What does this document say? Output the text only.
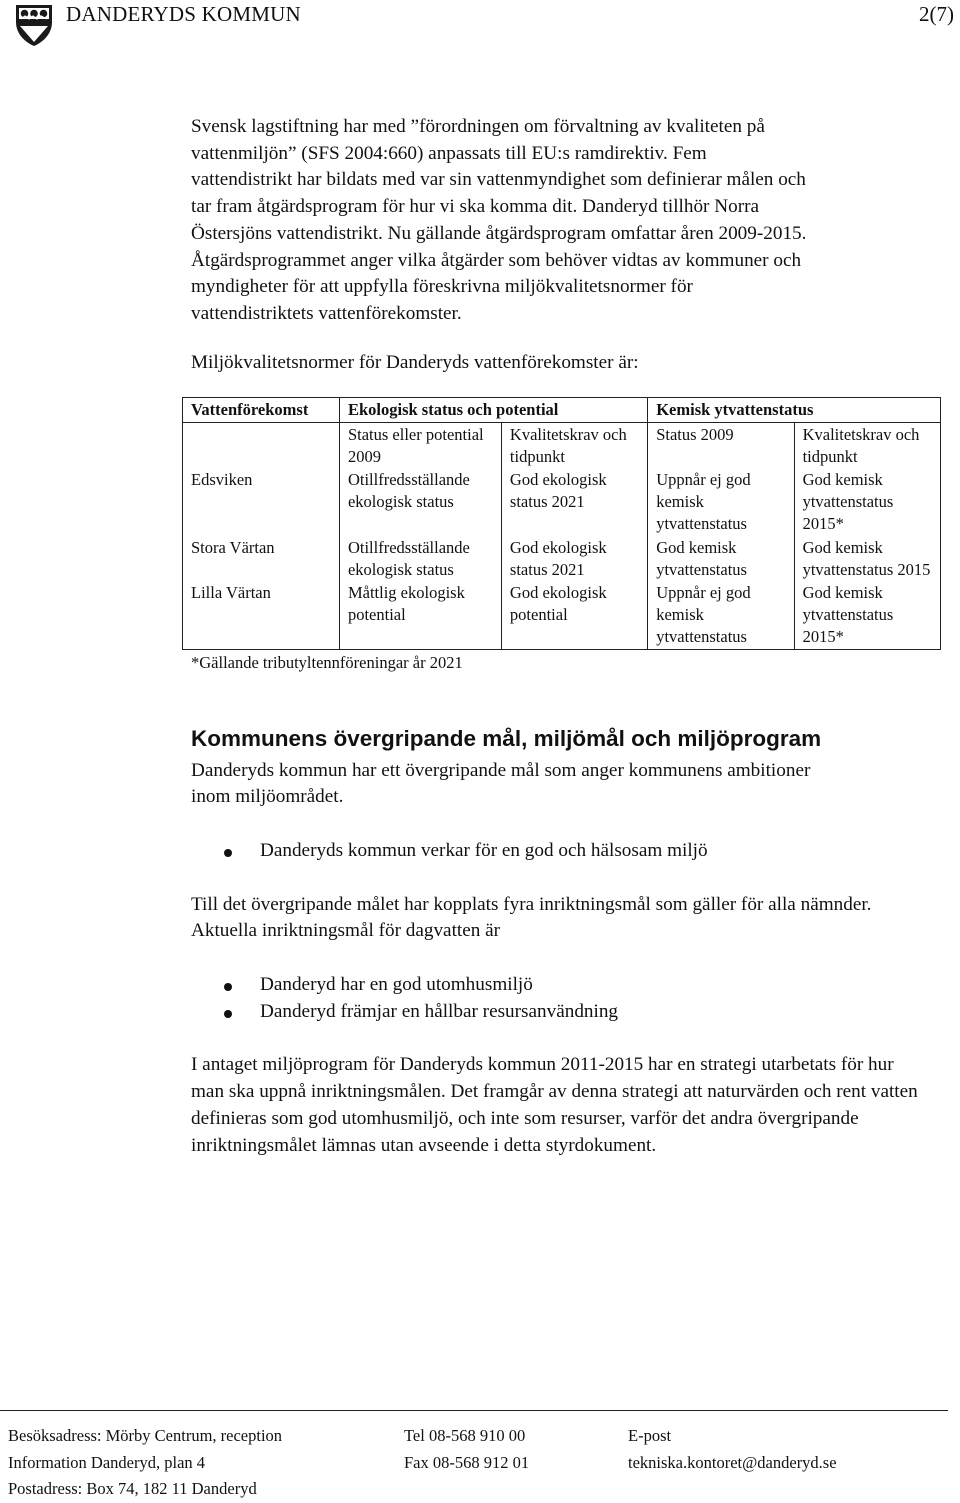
DANDERYDS KOMMUN	2(7)

Svensk lagstiftning har med ”förordningen om förvaltning av kvaliteten på
vattenmiljön” (SFS 2004:660) anpassats till EU:s ramdirektiv. Fem
vattendistrikt har bildats med var sin vattenmyndighet som definierar målen och
tar fram åtgärdsprogram för hur vi ska komma dit. Danderyd tillhör Norra
Östersjöns vattendistrikt. Nu gällande åtgärdsprogram omfattar åren 2009-2015.
Åtgärdsprogrammet anger vilka åtgärder som behöver vidtas av kommuner och
myndigheter för att uppfylla föreskrivna miljökvalitetsnormer för
vattendistriktets vattenförekomster.

Miljökvalitetsnormer för Danderyds vattenförekomster är:

Vattenförekomst	Ekologisk status och potential		Kemisk ytvattenstatus	
	Status eller potential 2009	Kvalitetskrav och tidpunkt	Status 2009	Kvalitetskrav och tidpunkt
Edsviken	Otillfredsställande ekologisk status	God ekologisk status 2021	Uppnår ej god kemisk ytvattenstatus	God kemisk ytvattenstatus 2015*
Stora Värtan	Otillfredsställande ekologisk status	God ekologisk status 2021	God kemisk ytvattenstatus	God kemisk ytvattenstatus 2015
Lilla Värtan	Måttlig ekologisk potential	God ekologisk potential	Uppnår ej god kemisk ytvattenstatus	God kemisk ytvattenstatus 2015*

*Gällande tributyltennföreningar år 2021

Kommunens övergripande mål, miljömål och miljöprogram

Danderyds kommun har ett övergripande mål som anger kommunens ambitioner inom miljöområdet.

Danderyds kommun verkar för en god och hälsosam miljö

Till det övergripande målet har kopplats fyra inriktningsmål som gäller för alla nämnder. Aktuella inriktningsmål för dagvatten är

Danderyd har en god utomhusmiljö
Danderyd främjar en hållbar resursanvändning

I antaget miljöprogram för Danderyds kommun 2011-2015 har en strategi utarbetats för hur man ska uppnå inriktningsmålen. Det framgår av denna strategi att naturvärden och rent vatten definieras som god utomhusmiljö, och inte som resurser, varför det andra övergripande inriktningsmålet lämnas utan avseende i detta styrdokument.

Besöksadress: Mörby Centrum, reception
Information Danderyd, plan 4
Postadress: Box 74, 182 11 Danderyd
Tel 08-568 910 00
Fax 08-568 912 01
E-post
tekniska.kontoret@danderyd.se
